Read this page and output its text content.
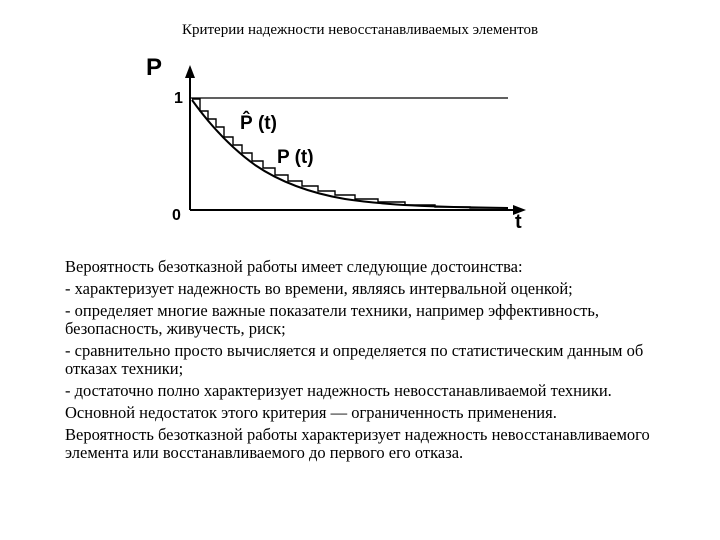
Критерии надежности невосстанавливаемых элементов
P
1
0	t
P̂ (t)
P (t)

Вероятность безотказной работы имеет следующие достоинства:

- характеризует надежность во времени, являясь интервальной оценкой;

- определяет многие важные показатели техники, например эффективность, безопасность, живучесть, риск;

- сравнительно просто вычисляется и определяется по статистическим данным об отказах техники;

- достаточно полно характеризует надежность невосстанавливаемой техники.

Основной недостаток этого критерия — ограниченность применения.

Вероятность безотказной работы характеризует надежность невосстанавливаемого элемента или восстанавливаемого до первого его отказа.
